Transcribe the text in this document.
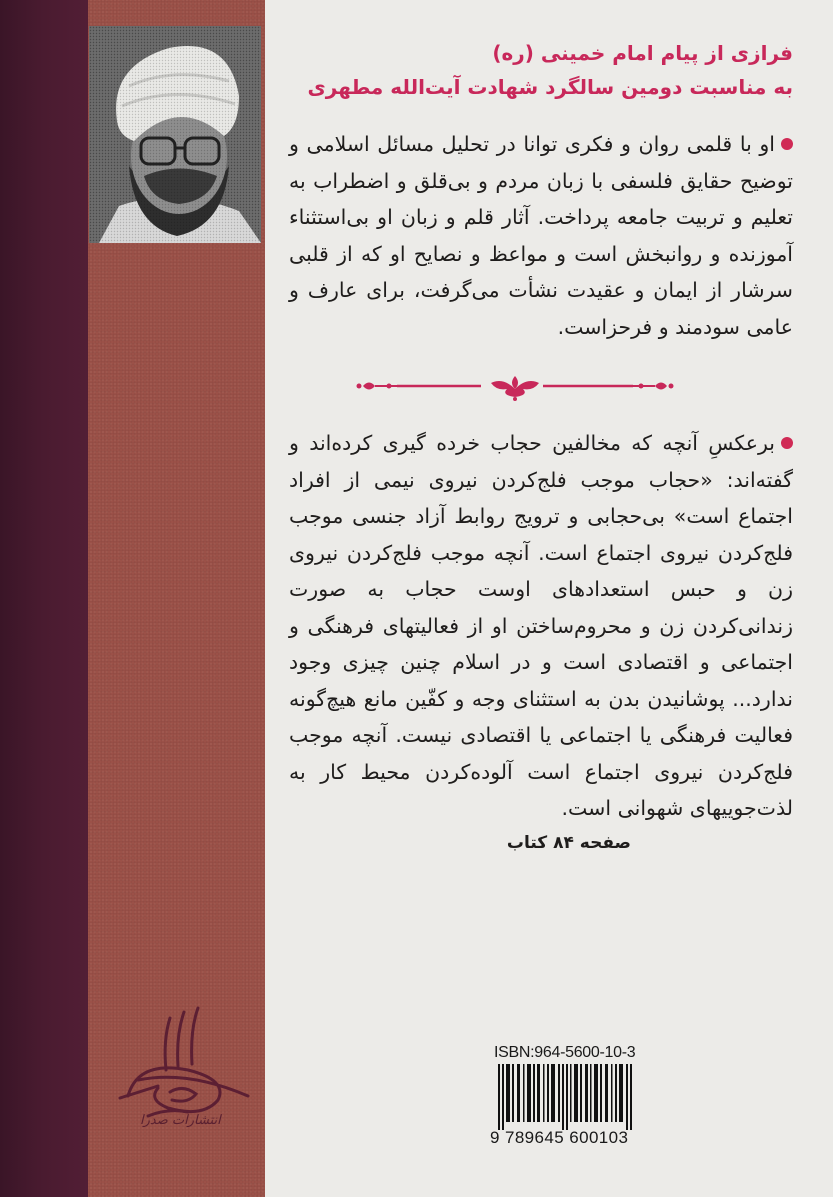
فرازی از پیام امام خمینی (ره)

به مناسبت دومین سالگرد شهادت آیت‌الله مطهری

او با قلمی روان و فکری توانا در تحلیل مسائل اسلامی و توضیح حقایق فلسفی با زبان مردم و بی‌قلق و اضطراب به تعلیم و تربیت جامعه پرداخت. آثار قلم و زبان او بی‌استثناء آموزنده و روانبخش است و مواعظ و نصایح او که از قلبی سرشار از ایمان و عقیدت نشأت می‌گرفت، برای عارف و عامی سودمند و فرحزاست.

برعکسِ آنچه که مخالفین حجاب خرده گیری کرده‌اند و گفته‌اند: «حجاب موجب فلج‌کردن نیروی نیمی از افراد اجتماع است» بی‌حجابی و ترویج روابط آزاد جنسی موجب فلج‌کردن نیروی اجتماع است. آنچه موجب فلج‌کردن نیروی زن و حبس استعدادهای اوست حجاب به صورت زندانی‌کردن زن و محروم‌ساختن او از فعالیتهای فرهنگی و اجتماعی و اقتصادی است و در اسلام چنین چیزی وجود ندارد... پوشانیدن بدن به استثنای وجه و کفّین مانع هیچ‌گونه فعالیت فرهنگی یا اجتماعی یا اقتصادی نیست. آنچه موجب فلج‌کردن نیروی اجتماع است آلوده‌کردن محیط کار به لذت‌جوییهای شهوانی است.

صفحه ۸۴ کتاب

ISBN:964-5600-10-3
9 789645 600103
انتشارات صدرا
